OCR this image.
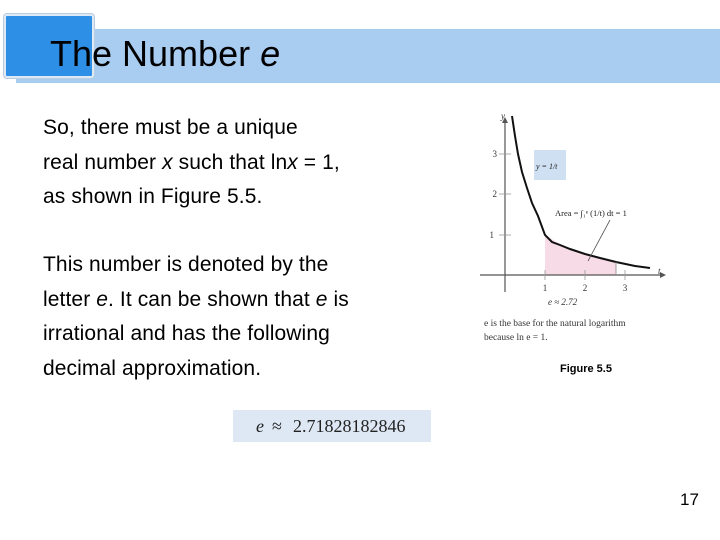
The Number e

So, there must be a unique
real number x such that lnx = 1,
as shown in Figure 5.5.

This number is denoted by the
letter e. It can be shown that e is
irrational and has the following
decimal approximation.

y
t
1
2
3
1	2	3
y = 1/t
Area = ∫₁ᵉ (1/t) dt = 1
e ≈ 2.72
e is the base for the natural logarithm
because ln e = 1.
Figure 5.5
e ≈ 2.71828182846
17
